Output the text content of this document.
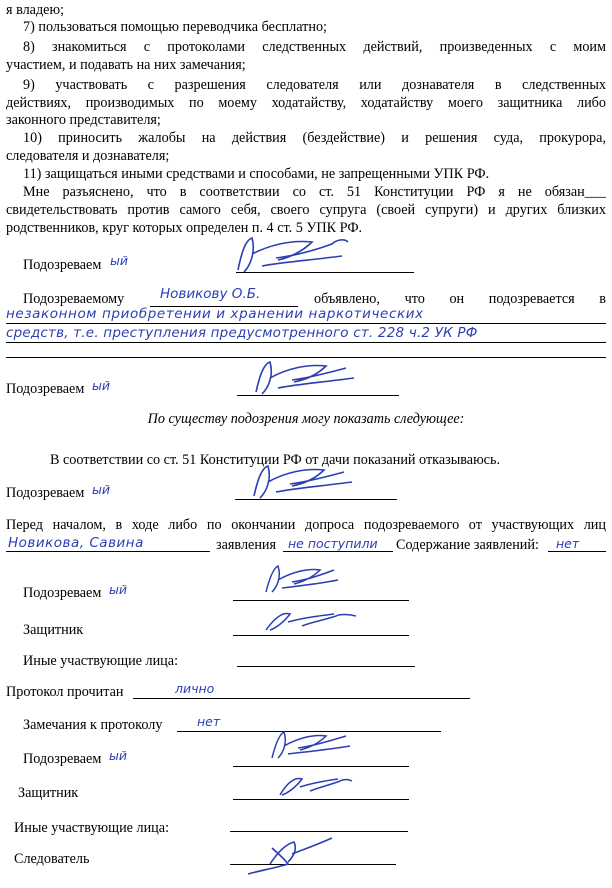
я владею;
7) пользоваться помощью переводчика бесплатно;
8) знакомиться с протоколами следственных действий, произведенных с моим
участием, и подавать на них замечания;
9) участвовать с разрешения следователя или дознавателя в следственных
действиях, производимых по моему ходатайству, ходатайству моего защитника либо
законного представителя;
10) приносить жалобы на действия (бездействие) и решения суда, прокурора,
следователя и дознавателя;
11) защищаться иными средствами и способами, не запрещенными УПК РФ.
Мне разъяснено, что в соответствии со ст. 51 Конституции РФ я не обязан___
свидетельствовать против самого себя, своего супруга (своей супруги) и других близких
родственников, круг которых определен п. 4 ст. 5 УПК РФ.
Подозреваем ый
Подозреваемому	Новикову О.Б.	объявлено, что он подозревается в
незаконном приобретении и хранении наркотических
средств, т.е. преступления предусмотренного ст. 228 ч.2 УК РФ
Подозреваем ый
По существу подозрения могу показать следующее:
В соответствии со ст. 51 Конституции РФ от дачи показаний отказываюсь.
Подозреваем ый
Перед началом, в ходе либо по окончании допроса подозреваемого от участвующих лиц
Новикова, Савина	заявления не поступили Содержание заявлений: нет
Подозреваем ый
Защитник
Иные участвующие лица:
Протокол прочитан	лично
Замечания к протоколу	нет
Подозреваем ый
Защитник
Иные участвующие лица:
Следователь
